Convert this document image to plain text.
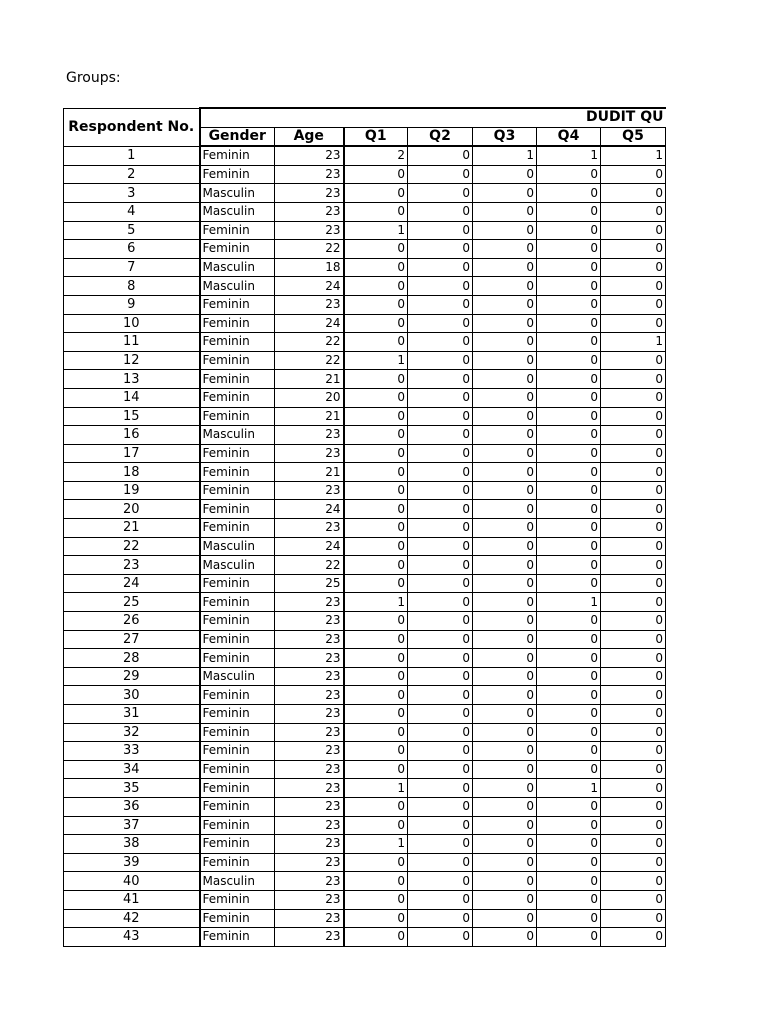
Groups:
Respondent No.	DUDIT QU						
	Gender	Age	Q1	Q2	Q3	Q4	Q5
1	Feminin	23	2	0	1	1	1
2	Feminin	23	0	0	0	0	0
3	Masculin	23	0	0	0	0	0
4	Masculin	23	0	0	0	0	0
5	Feminin	23	1	0	0	0	0
6	Feminin	22	0	0	0	0	0
7	Masculin	18	0	0	0	0	0
8	Masculin	24	0	0	0	0	0
9	Feminin	23	0	0	0	0	0
10	Feminin	24	0	0	0	0	0
11	Feminin	22	0	0	0	0	1
12	Feminin	22	1	0	0	0	0
13	Feminin	21	0	0	0	0	0
14	Feminin	20	0	0	0	0	0
15	Feminin	21	0	0	0	0	0
16	Masculin	23	0	0	0	0	0
17	Feminin	23	0	0	0	0	0
18	Feminin	21	0	0	0	0	0
19	Feminin	23	0	0	0	0	0
20	Feminin	24	0	0	0	0	0
21	Feminin	23	0	0	0	0	0
22	Masculin	24	0	0	0	0	0
23	Masculin	22	0	0	0	0	0
24	Feminin	25	0	0	0	0	0
25	Feminin	23	1	0	0	1	0
26	Feminin	23	0	0	0	0	0
27	Feminin	23	0	0	0	0	0
28	Feminin	23	0	0	0	0	0
29	Masculin	23	0	0	0	0	0
30	Feminin	23	0	0	0	0	0
31	Feminin	23	0	0	0	0	0
32	Feminin	23	0	0	0	0	0
33	Feminin	23	0	0	0	0	0
34	Feminin	23	0	0	0	0	0
35	Feminin	23	1	0	0	1	0
36	Feminin	23	0	0	0	0	0
37	Feminin	23	0	0	0	0	0
38	Feminin	23	1	0	0	0	0
39	Feminin	23	0	0	0	0	0
40	Masculin	23	0	0	0	0	0
41	Feminin	23	0	0	0	0	0
42	Feminin	23	0	0	0	0	0
43	Feminin	23	0	0	0	0	0
